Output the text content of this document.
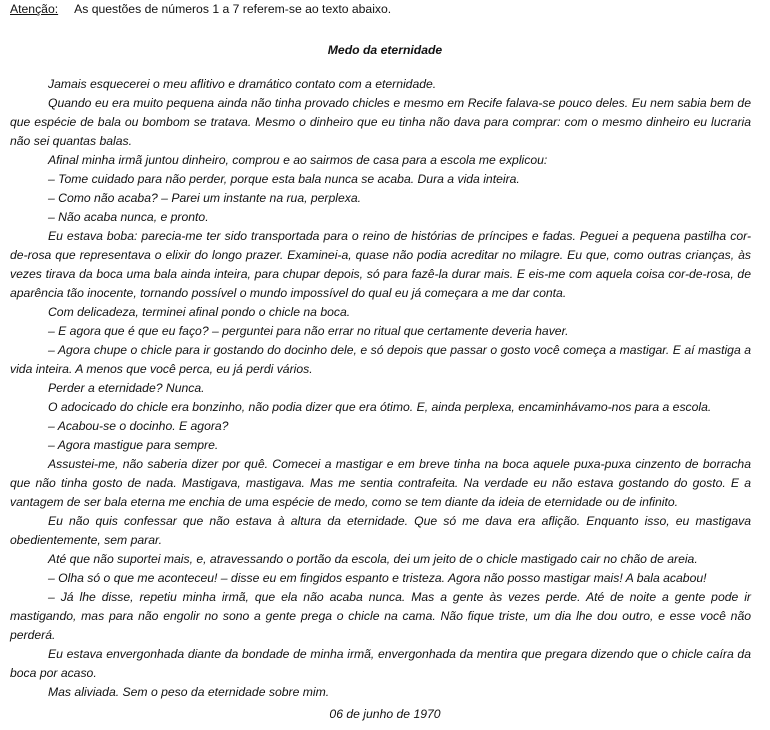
Atenção: As questões de números 1 a 7 referem-se ao texto abaixo.
Medo da eternidade

Jamais esquecerei o meu aflitivo e dramático contato com a eternidade.

Quando eu era muito pequena ainda não tinha provado chicles e mesmo em Recife falava-se pouco deles. Eu nem sabia bem de que espécie de bala ou bombom se tratava. Mesmo o dinheiro que eu tinha não dava para comprar: com o mesmo dinheiro eu lucraria não sei quantas balas.

Afinal minha irmã juntou dinheiro, comprou e ao sairmos de casa para a escola me explicou:

– Tome cuidado para não perder, porque esta bala nunca se acaba. Dura a vida inteira.

– Como não acaba? – Parei um instante na rua, perplexa.

– Não acaba nunca, e pronto.

Eu estava boba: parecia-me ter sido transportada para o reino de histórias de príncipes e fadas. Peguei a pequena pastilha cor-de-rosa que representava o elixir do longo prazer. Examinei-a, quase não podia acreditar no milagre. Eu que, como outras crianças, às vezes tirava da boca uma bala ainda inteira, para chupar depois, só para fazê-la durar mais. E eis-me com aquela coisa cor-de-rosa, de aparência tão inocente, tornando possível o mundo impossível do qual eu já começara a me dar conta.

Com delicadeza, terminei afinal pondo o chicle na boca.

– E agora que é que eu faço? – perguntei para não errar no ritual que certamente deveria haver.

– Agora chupe o chicle para ir gostando do docinho dele, e só depois que passar o gosto você começa a mastigar. E aí mastiga a vida inteira. A menos que você perca, eu já perdi vários.

Perder a eternidade? Nunca.

O adocicado do chicle era bonzinho, não podia dizer que era ótimo. E, ainda perplexa, encaminhávamo-nos para a escola.

– Acabou-se o docinho. E agora?

– Agora mastigue para sempre.

Assustei-me, não saberia dizer por quê. Comecei a mastigar e em breve tinha na boca aquele puxa-puxa cinzento de borracha que não tinha gosto de nada. Mastigava, mastigava. Mas me sentia contrafeita. Na verdade eu não estava gostando do gosto. E a vantagem de ser bala eterna me enchia de uma espécie de medo, como se tem diante da ideia de eternidade ou de infinito.

Eu não quis confessar que não estava à altura da eternidade. Que só me dava era aflição. Enquanto isso, eu mastigava obedientemente, sem parar.

Até que não suportei mais, e, atravessando o portão da escola, dei um jeito de o chicle mastigado cair no chão de areia.

– Olha só o que me aconteceu! – disse eu em fingidos espanto e tristeza. Agora não posso mastigar mais! A bala acabou!

– Já lhe disse, repetiu minha irmã, que ela não acaba nunca. Mas a gente às vezes perde. Até de noite a gente pode ir mastigando, mas para não engolir no sono a gente prega o chicle na cama. Não fique triste, um dia lhe dou outro, e esse você não perderá.

Eu estava envergonhada diante da bondade de minha irmã, envergonhada da mentira que pregara dizendo que o chicle caíra da boca por acaso.

Mas aliviada. Sem o peso da eternidade sobre mim.

06 de junho de 1970
